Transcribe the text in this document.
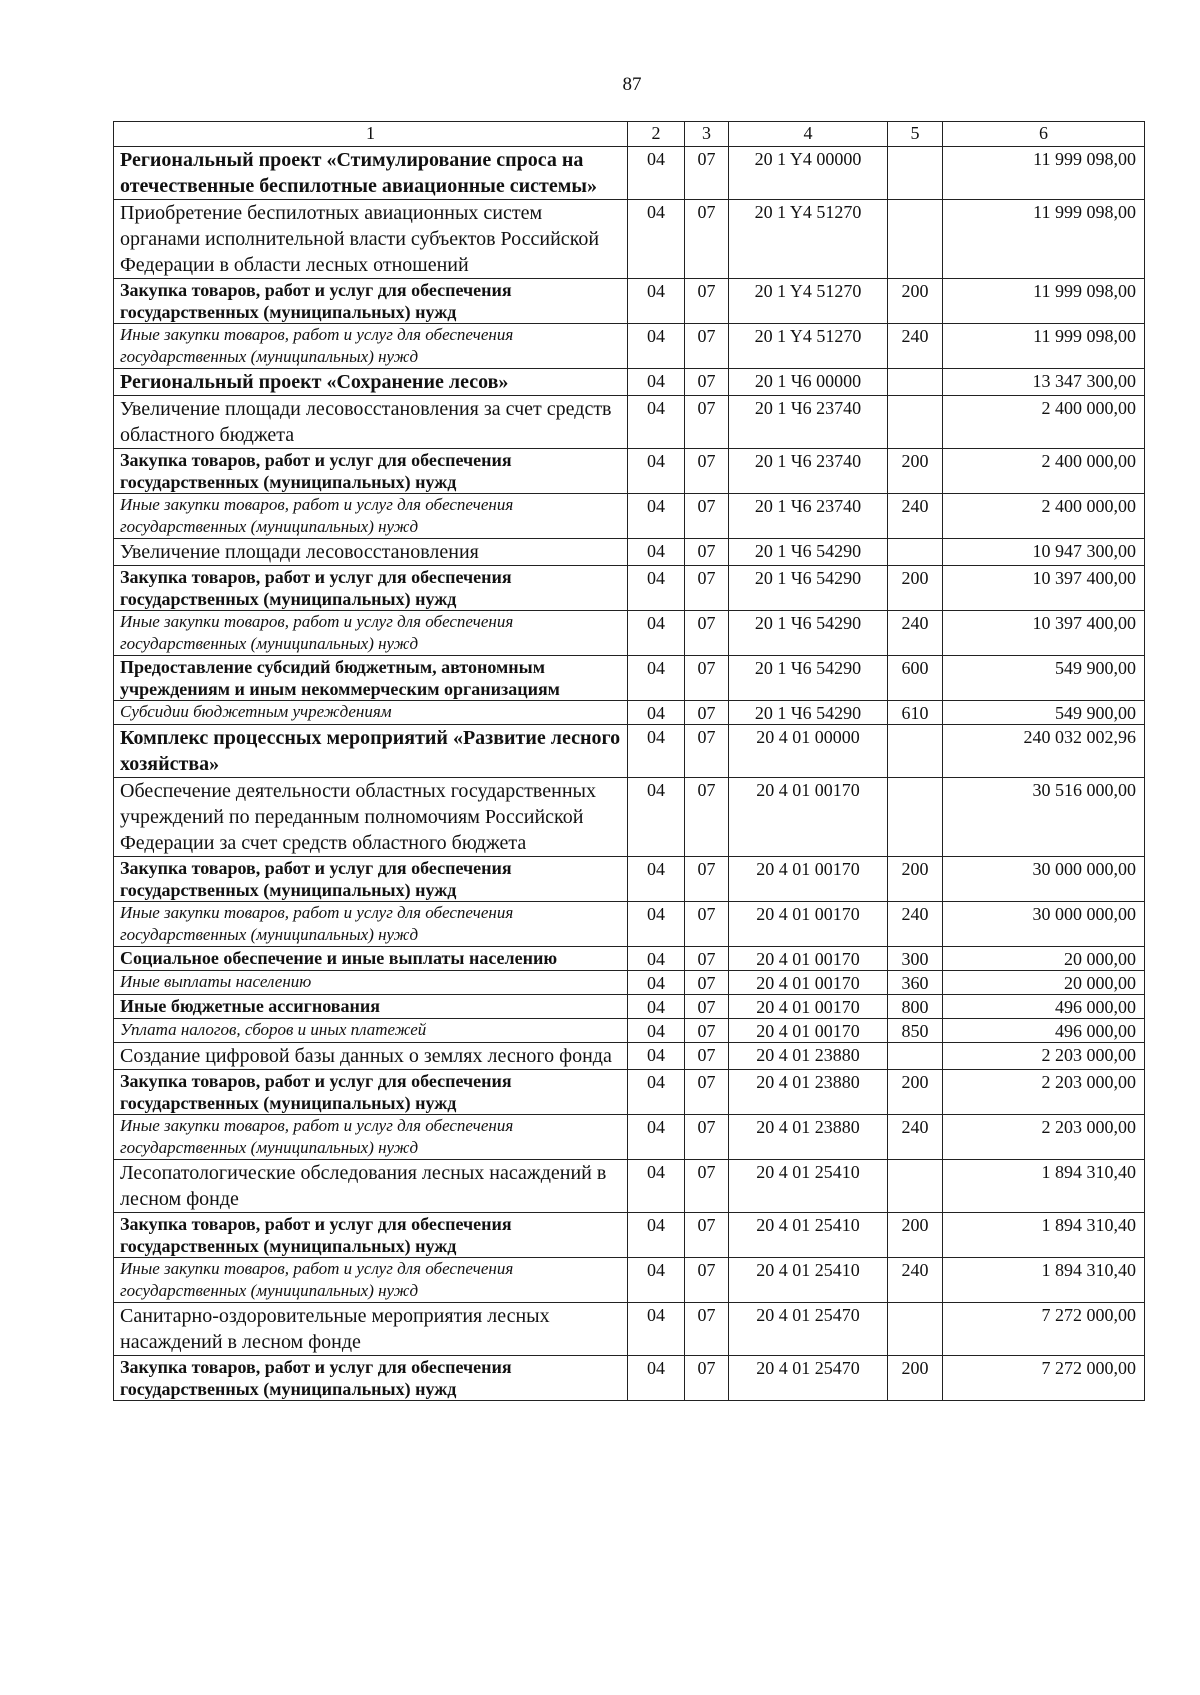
87
1	2	3	4	5	6
Региональный проект «Стимулирование спроса на отечественные беспилотные авиационные системы»	04	07	20 1 Y4 00000		11 999 098,00
Приобретение беспилотных авиационных систем органами исполнительной власти субъектов Российской Федерации в области лесных отношений	04	07	20 1 Y4 51270		11 999 098,00
Закупка товаров, работ и услуг для обеспечения государственных (муниципальных) нужд	04	07	20 1 Y4 51270	200	11 999 098,00
Иные закупки товаров, работ и услуг для обеспечения государственных (муниципальных) нужд	04	07	20 1 Y4 51270	240	11 999 098,00
Региональный проект «Сохранение лесов»	04	07	20 1 Ч6 00000		13 347 300,00
Увеличение площади лесовосстановления за счет средств областного бюджета	04	07	20 1 Ч6 23740		2 400 000,00
Закупка товаров, работ и услуг для обеспечения государственных (муниципальных) нужд	04	07	20 1 Ч6 23740	200	2 400 000,00
Иные закупки товаров, работ и услуг для обеспечения государственных (муниципальных) нужд	04	07	20 1 Ч6 23740	240	2 400 000,00
Увеличение площади лесовосстановления	04	07	20 1 Ч6 54290		10 947 300,00
Закупка товаров, работ и услуг для обеспечения государственных (муниципальных) нужд	04	07	20 1 Ч6 54290	200	10 397 400,00
Иные закупки товаров, работ и услуг для обеспечения государственных (муниципальных) нужд	04	07	20 1 Ч6 54290	240	10 397 400,00
Предоставление субсидий бюджетным, автономным учреждениям и иным некоммерческим организациям	04	07	20 1 Ч6 54290	600	549 900,00
Субсидии бюджетным учреждениям	04	07	20 1 Ч6 54290	610	549 900,00
Комплекс процессных мероприятий «Развитие лесного хозяйства»	04	07	20 4 01 00000		240 032 002,96
Обеспечение деятельности областных государственных учреждений по переданным полномочиям Российской Федерации за счет средств областного бюджета	04	07	20 4 01 00170		30 516 000,00
Закупка товаров, работ и услуг для обеспечения государственных (муниципальных) нужд	04	07	20 4 01 00170	200	30 000 000,00
Иные закупки товаров, работ и услуг для обеспечения государственных (муниципальных) нужд	04	07	20 4 01 00170	240	30 000 000,00
Социальное обеспечение и иные выплаты населению	04	07	20 4 01 00170	300	20 000,00
Иные выплаты населению	04	07	20 4 01 00170	360	20 000,00
Иные бюджетные ассигнования	04	07	20 4 01 00170	800	496 000,00
Уплата налогов, сборов и иных платежей	04	07	20 4 01 00170	850	496 000,00
Создание цифровой базы данных о землях лесного фонда	04	07	20 4 01 23880		2 203 000,00
Закупка товаров, работ и услуг для обеспечения государственных (муниципальных) нужд	04	07	20 4 01 23880	200	2 203 000,00
Иные закупки товаров, работ и услуг для обеспечения государственных (муниципальных) нужд	04	07	20 4 01 23880	240	2 203 000,00
Лесопатологические обследования лесных насаждений в лесном фонде	04	07	20 4 01 25410		1 894 310,40
Закупка товаров, работ и услуг для обеспечения государственных (муниципальных) нужд	04	07	20 4 01 25410	200	1 894 310,40
Иные закупки товаров, работ и услуг для обеспечения государственных (муниципальных) нужд	04	07	20 4 01 25410	240	1 894 310,40
Санитарно-оздоровительные мероприятия лесных насаждений в лесном фонде	04	07	20 4 01 25470		7 272 000,00
Закупка товаров, работ и услуг для обеспечения государственных (муниципальных) нужд	04	07	20 4 01 25470	200	7 272 000,00
